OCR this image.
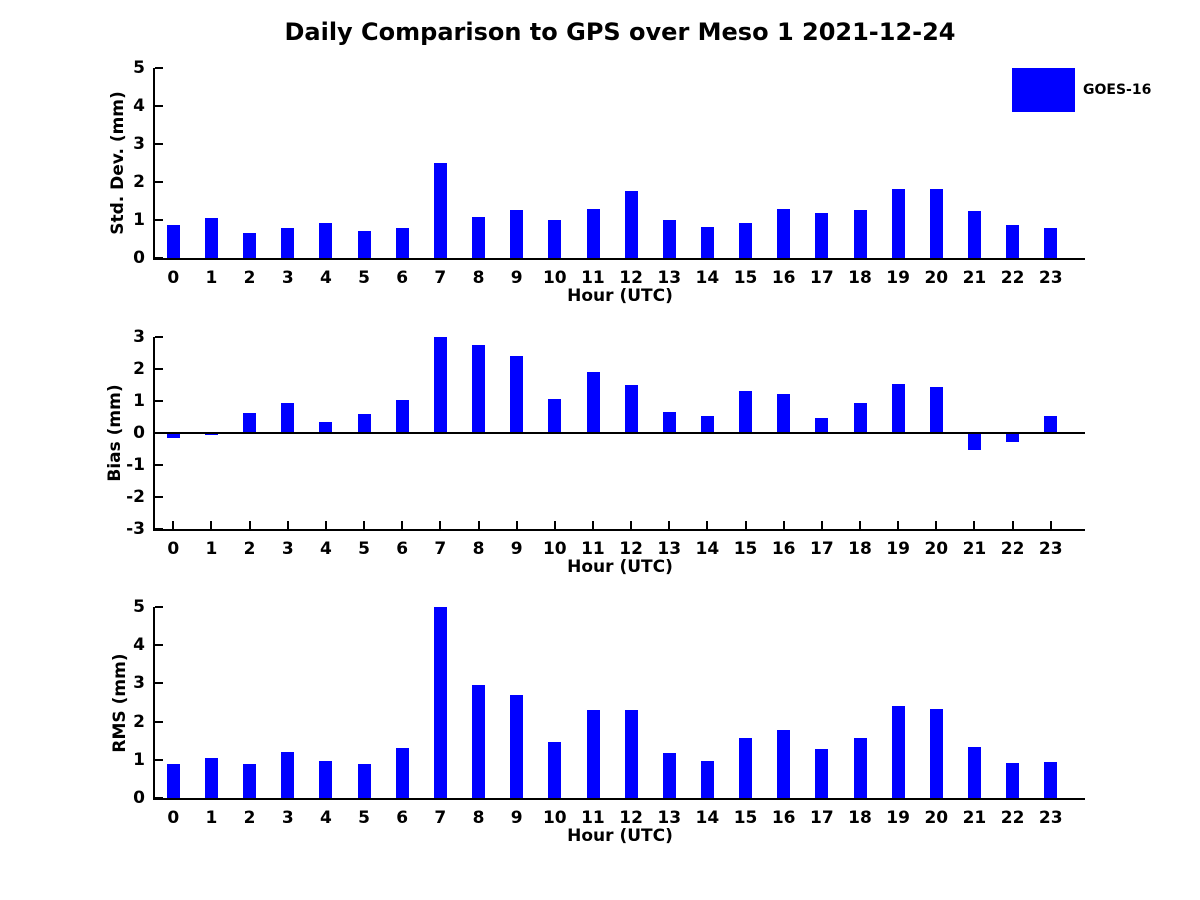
Daily Comparison to GPS over Meso 1 2021-12-24
GOES-16
Std. Dev. (mm)
Hour (UTC)
0
1
2
3
4
5
0	1	2	3	4	5	6	7	8	9	10 11 12 13 14 15 16 17 18 19 20 21 22 23
Bias (mm)
Hour (UTC)
-3
-2
-1
0
1
2
3
0	1	2	3	4	5	6	7	8	9	10 11 12 13 14 15 16 17 18 19 20 21 22 23
RMS (mm)
Hour (UTC)
0
1
2
3
4
5
0	1	2	3	4	5	6	7	8	9	10 11 12 13 14 15 16 17 18 19 20 21 22 23
